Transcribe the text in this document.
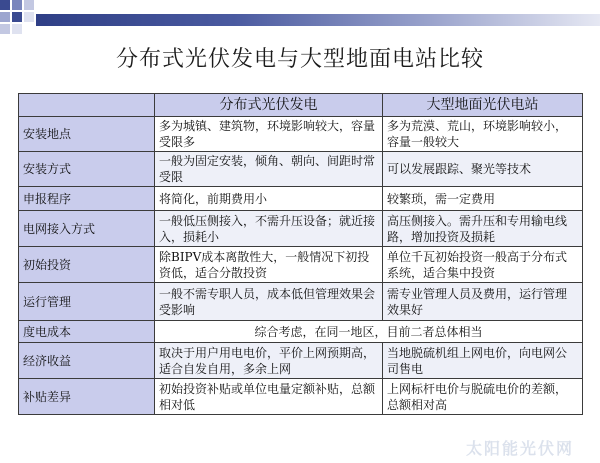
分布式光伏发电与大型地面电站比较
	分布式光伏发电	大型地面光伏电站
安装地点	多为城镇、建筑物，环境影响较大，容量受限多	多为荒漠、荒山，环境影响较小，容量一般较大
安装方式	一般为固定安装，倾角、朝向、间距时常受限	可以发展跟踪、聚光等技术
申报程序	将简化，前期费用小	较繁琐，需一定费用
电网接入方式	一般低压侧接入，不需升压设备；就近接入，损耗小	高压侧接入。需升压和专用输电线路，增加投资及损耗
初始投资	除BIPV成本离散性大，一般情况下初投资低，适合分散投资	单位千瓦初始投资一般高于分布式系统，适合集中投资
运行管理	一般不需专职人员，成本低但管理效果会受影响	需专业管理人员及费用，运行管理效果好
度电成本	综合考虑，在同一地区，目前二者总体相当	
经济收益	取决于用户用电电价，平价上网预期高，适合自发自用，多余上网	当地脱硫机组上网电价，向电网公司售电
补贴差异	初始投资补贴或单位电量定额补贴，总额相对低	上网标杆电价与脱硫电价的差额，总额相对高
太阳能光伏网
